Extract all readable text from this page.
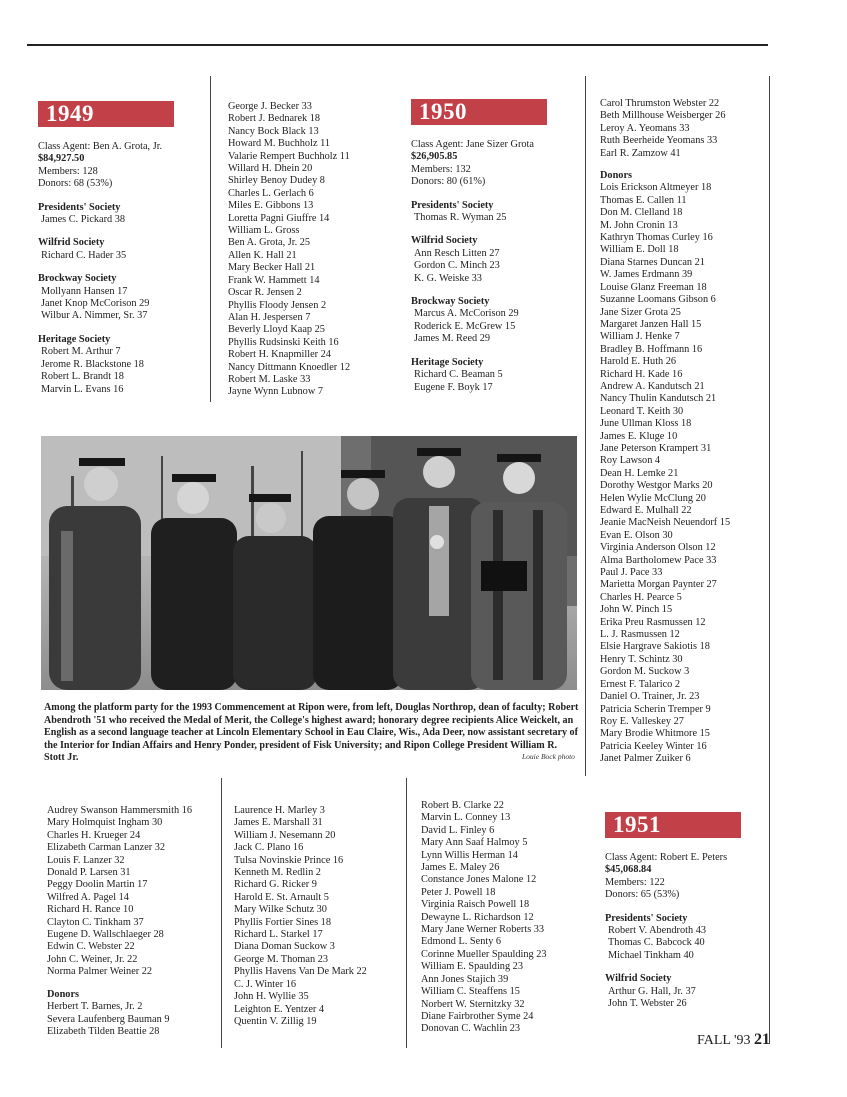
1949
Class Agent: Ben A. Grota, Jr.
$84,927.50
Members: 128
Donors: 68 (53%)
Presidents' Society
James C. Pickard 38
Wilfrid Society
Richard C. Hader 35
Brockway Society
Mollyann Hansen 17
Janet Knop McCorison 29
Wilbur A. Nimmer, Sr. 37
Heritage Society
Robert M. Arthur 7
Jerome R. Blackstone 18
Robert L. Brandt 18
Marvin L. Evans 16
George J. Becker 33
Robert J. Bednarek 18
Nancy Bock Black 13
Howard M. Buchholz 11
Valarie Rempert Buchholz 11
Willard H. Dhein 20
Shirley Benoy Dudey 8
Charles L. Gerlach 6
Miles E. Gibbons 13
Loretta Pagni Giuffre 14
William L. Gross
Ben A. Grota, Jr. 25
Allen K. Hall 21
Mary Becker Hall 21
Frank W. Hammett 14
Oscar R. Jensen 2
Phyllis Floody Jensen 2
Alan H. Jespersen 7
Beverly Lloyd Kaap 25
Phyllis Rudsinski Keith 16
Robert H. Knapmiller 24
Nancy Dittmann Knoedler 12
Robert M. Laske 33
Jayne Wynn Lubnow 7
1950
Class Agent: Jane Sizer Grota
$26,905.85
Members: 132
Donors: 80 (61%)
Presidents' Society
Thomas R. Wyman 25
Wilfrid Society
Ann Resch Litten 27
Gordon C. Minch 23
K. G. Weiske 33
Brockway Society
Marcus A. McCorison 29
Roderick E. McGrew 15
James M. Reed 29
Heritage Society
Richard C. Beaman 5
Eugene F. Boyk 17
Carol Thrumston Webster 22
Beth Millhouse Weisberger 26
Leroy A. Yeomans 33
Ruth Beerheide Yeomans 33
Earl R. Zamzow 41
Donors
Lois Erickson Altmeyer 18
Thomas E. Callen 11
Don M. Clelland 18
M. John Cronin 13
Kathryn Thomas Curley 16
William E. Doll 18
Diana Starnes Duncan 21
W. James Erdmann 39
Louise Glanz Freeman 18
Suzanne Loomans Gibson 6
Jane Sizer Grota 25
Margaret Janzen Hall 15
William J. Henke 7
Bradley B. Hoffmann 16
Harold E. Huth 26
Richard H. Kade 16
Andrew A. Kandutsch 21
Nancy Thulin Kandutsch 21
Leonard T. Keith 30
June Ullman Kloss 18
James E. Kluge 10
Jane Peterson Krampert 31
Roy Lawson 4
Dean H. Lemke 21
Dorothy Westgor Marks 20
Helen Wylie McClung 20
Edward E. Mulhall 22
Jeanie MacNeish Neuendorf 15
Evan E. Olson 30
Virginia Anderson Olson 12
Alma Bartholomew Pace 33
Paul J. Pace 33
Marietta Morgan Paynter 27
Charles H. Pearce 5
John W. Pinch 15
Erika Preu Rasmussen 12
L. J. Rasmussen 12
Elsie Hargrave Sakiotis 18
Henry T. Schintz 30
Gordon M. Suckow 3
Ernest F. Talarico 2
Daniel O. Trainer, Jr. 23
Patricia Scherin Tremper 9
Roy E. Valleskey 27
Mary Brodie Whitmore 15
Patricia Keeley Winter 16
Janet Palmer Zuiker 6
Among the platform party for the 1993 Commencement at Ripon were, from left, Douglas Northrop, dean of faculty; Robert Abendroth '51 who received the Medal of Merit, the College's highest award; honorary degree recipients Alice Weickelt, an English as a second language teacher at Lincoln Elementary School in Eau Claire, Wis., Ada Deer, now assistant secretary of the Interior for Indian Affairs and Henry Ponder, president of Fisk University; and Ripon College President William R. Stott Jr.	Louie Bock photo
Audrey Swanson Hammersmith 16
Mary Holmquist Ingham 30
Charles H. Krueger 24
Elizabeth Carman Lanzer 32
Louis F. Lanzer 32
Donald P. Larsen 31
Peggy Doolin Martin 17
Wilfred A. Pagel 14
Richard H. Rance 10
Clayton C. Tinkham 37
Eugene D. Wallschlaeger 28
Edwin C. Webster 22
John C. Weiner, Jr. 22
Norma Palmer Weiner 22
Donors
Herbert T. Barnes, Jr. 2
Severa Laufenberg Bauman 9
Elizabeth Tilden Beattie 28
Laurence H. Marley 3
James E. Marshall 31
William J. Nesemann 20
Jack C. Plano 16
Tulsa Novinskie Prince 16
Kenneth M. Redlin 2
Richard G. Ricker 9
Harold E. St. Arnault 5
Mary Wilke Schutz 30
Phyllis Fortier Sines 18
Richard L. Starkel 17
Diana Doman Suckow 3
George M. Thoman 23
Phyllis Havens Van De Mark 22
C. J. Winter 16
John H. Wyllie 35
Leighton E. Yentzer 4
Quentin V. Zillig 19
Robert B. Clarke 22
Marvin L. Conney 13
David L. Finley 6
Mary Ann Saaf Halmoy 5
Lynn Willis Herman 14
James E. Maley 26
Constance Jones Malone 12
Peter J. Powell 18
Virginia Raisch Powell 18
Dewayne L. Richardson 12
Mary Jane Werner Roberts 33
Edmond L. Senty 6
Corinne Mueller Spaulding 23
William E. Spaulding 23
Ann Jones Stajich 39
William C. Steaffens 15
Norbert W. Sternitzky 32
Diane Fairbrother Syme 24
Donovan C. Wachlin 23
1951
Class Agent: Robert E. Peters
$45,068.84
Members: 122
Donors: 65 (53%)
Presidents' Society
Robert V. Abendroth 43
Thomas C. Babcock 40
Michael Tinkham 40
Wilfrid Society
Arthur G. Hall, Jr. 37
John T. Webster 26
FALL '93 21
